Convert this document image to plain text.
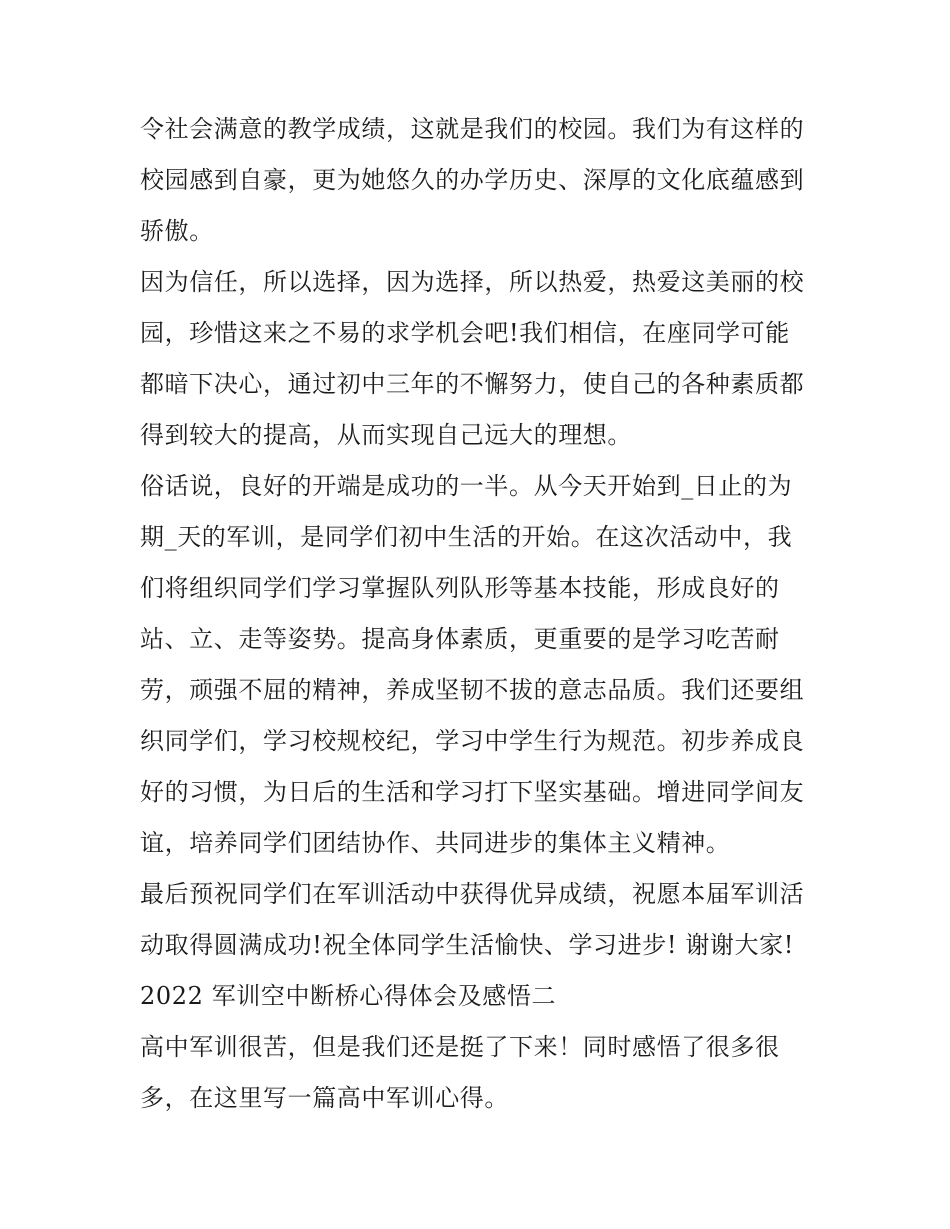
令社会满意的教学成绩，这就是我们的校园。我们为有这样的
校园感到自豪，更为她悠久的办学历史、深厚的文化底蕴感到
骄傲。
因为信任，所以选择，因为选择，所以热爱，热爱这美丽的校
园，珍惜这来之不易的求学机会吧!我们相信，在座同学可能
都暗下决心，通过初中三年的不懈努力，使自己的各种素质都
得到较大的提高，从而实现自己远大的理想。
俗话说，良好的开端是成功的一半。从今天开始到_日止的为
期_天的军训，是同学们初中生活的开始。在这次活动中，我
们将组织同学们学习掌握队列队形等基本技能，形成良好的
站、立、走等姿势。提高身体素质，更重要的是学习吃苦耐
劳，顽强不屈的精神，养成坚韧不拔的意志品质。我们还要组
织同学们，学习校规校纪，学习中学生行为规范。初步养成良
好的习惯，为日后的生活和学习打下坚实基础。增进同学间友
谊，培养同学们团结协作、共同进步的集体主义精神。
最后预祝同学们在军训活动中获得优异成绩，祝愿本届军训活
动取得圆满成功!祝全体同学生活愉快、学习进步! 谢谢大家!
2022 军训空中断桥心得体会及感悟二
高中军训很苦，但是我们还是挺了下来！同时感悟了很多很
多，在这里写一篇高中军训心得。
